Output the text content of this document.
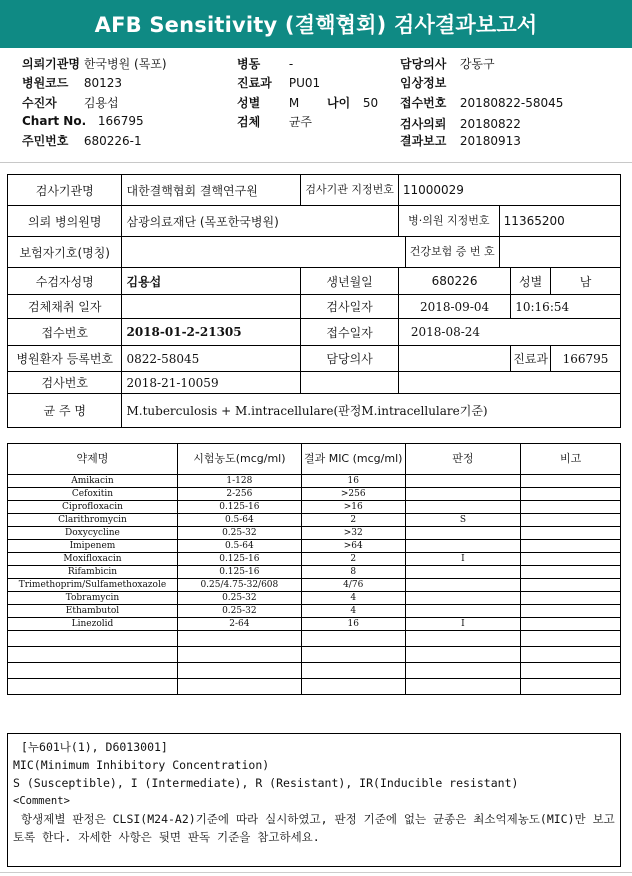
AFB Sensitivity (결핵협회) 검사결과보고서
의뢰기관명 한국병원 (목포)
병원코드 80123
수진자 김용섭
Chart No. 166795
주민번호 680226-1
병동 -
진료과 PU01
성별 M 나이 50
검체 균주
담당의사 강동구
임상정보
접수번호 20180822-58045
검사의뢰 20180822
결과보고 20180913
검사기관명	대한결핵협회 결핵연구원	검사기관 지정번호	11000029				
의뢰 병의원명	삼광의료재단 (목포한국병원)		병·의원 지정번호		11365200		
보험자기호(명칭)				건강보험 증 번 호			
수검자성명	김용섭	생년월일	680226			성별	남
검체채취 일자		검사일자	2018-09-04			10:16:54	
접수번호	2018-01-2-21305	접수일자	2018-08-24				
병원환자 등록번호	0822-58045	담당의사				진료과	166795
검사번호	2018-21-10059						
균 주 명	M.tuberculosis + M.intracellulare(판정M.intracellulare기준)						
약제명	시험농도(mcg/ml)	결과 MIC (mcg/ml)	판정	비고
Amikacin	1-128	16		
Cefoxitin	2-256	>256		
Ciprofloxacin	0.125-16	>16		
Clarithromycin	0.5-64	2	S	
Doxycycline	0.25-32	>32		
Imipenem	0.5-64	>64		
Moxifloxacin	0.125-16	2	I	
Rifambicin	0.125-16	8		
Trimethoprim/Sulfamethoxazole	0.25/4.75-32/608	4/76		
Tobramycin	0.25-32	4		
Ethambutol	0.25-32	4		
Linezolid	2-64	16	I	

[누601나(1), D6013001]
MIC(Minimum Inhibitory Concentration)
S (Susceptible), I (Intermediate), R (Resistant), IR(Inducible resistant)
<Comment>
항생제별 판정은 CLSI(M24-A2)기준에 따라 실시하였고, 판정 기준에 없는 균종은 최소억제농도(MIC)만 보고토록 한다. 자세한 사항은 뒷면 판독 기준을 참고하세요.
